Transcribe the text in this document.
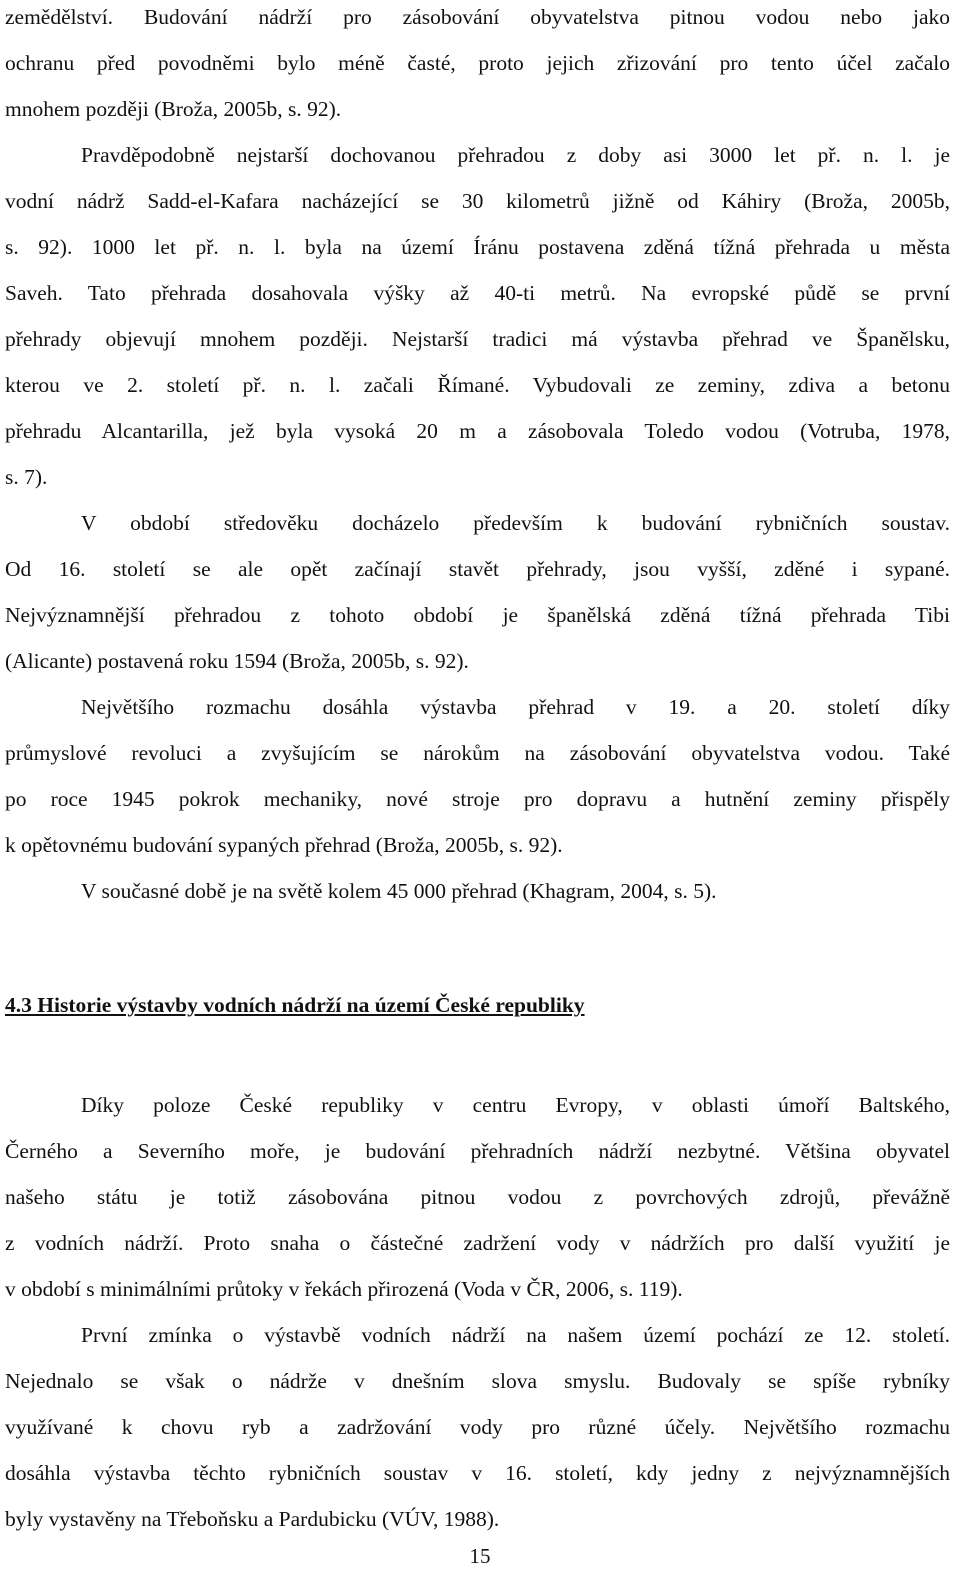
zemědělství. Budování nádrží pro zásobování obyvatelstva pitnou vodou nebo jako
ochranu před povodněmi bylo méně časté, proto jejich zřizování pro tento účel začalo
mnohem později (Brož​a, 2005b, s. 92).
Pravděpodobně nejstarší dochovanou přehradou z doby asi 3000 let př. n. l. je
vodní nádrž Sadd-el-Kafara nacházející se 30 kilometrů jižně od Káhiry (Brož​a, 2005b,
s. 92). 1000 let př. n. l. byla na území Íránu postavena zděná tížná přehrada u města
Saveh. Tato přehrada dosahovala výšky až 40-ti metrů. Na evropské půdě se první
přehrady objevují mnohem později. Nejstarší tradici má výstavba přehrad ve Španělsku,
kterou ve 2. století př. n. l. začali Římané. Vybudovali ze zeminy, zdiva a betonu
přehradu Alcantarilla, jež byla vysoká 20 m a zásobovala Toledo vodou (Votruba, 1978,
s. 7).
V období středověku docházelo především k budování rybničních soustav.
Od 16. století se ale opět začínají stavět přehrady, jsou vyšší, zděné i sypané.
Nejvýznamnější přehradou z tohoto období je španělská zděná tížná přehrada Tibi
(Alicante) postavená roku 1594 (Brož​a, 2005b, s. 92).
Největšího rozmachu dosáhla výstavba přehrad v 19. a 20. století díky
průmyslové revoluci a zvyšujícím se nárokům na zásobování obyvatelstva vodou. Také
po roce 1945 pokrok mechaniky, nové stroje pro dopravu a hutnění zeminy přispěly
k opětovnému budování sypaných přehrad (Brož​a, 2005b, s. 92).
V současné době je na světě kolem 45 000 přehrad (Khagram, 2004, s. 5).
4.3 Historie výstavby vodních nádrží na území České republiky
Díky poloze České republiky v centru Evropy, v oblasti úmoří Baltského,
Černého a Severního moře, je budování přehradních nádrží nezbytné. Většina obyvatel
našeho státu je totiž zásobována pitnou vodou z povrchových zdrojů, převážně
z vodních nádrží. Proto snaha o částečné zadržení vody v nádržích pro další využití je
v období s minimálními průtoky v řekách přirozená (Voda v ČR, 2006, s. 119).
První zmínka o výstavbě vodních nádrží na našem území pochází ze 12. století.
Nejednalo se však o nádrže v dnešním slova smyslu. Budovaly se spíše rybníky
využívané k chovu ryb a zadržování vody pro různé účely. Největšího rozmachu
dosáhla výstavba těchto rybničních soustav v 16. století, kdy jedny z nejvýznamnějších
byly vystavěny na Třeboňsku a Pardubicku (VÚV, 1988).
15
